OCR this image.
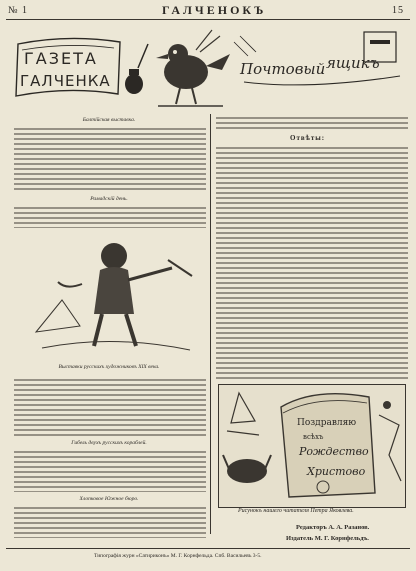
№ 1	ГАЛЧЕНОКЪ	15
ГАЗЕТА
ГАЛЧЕНКА
Почтовый ящикъ
Балтійская выставка.
Рамадскій день.
Выставки русскихъ художниковъ XIX века.
Гибель двухъ русскихъ кораблей.
Хлопковое Южное бюро.
Отвѣты:
Поздравляю
всѣхъ
Рождество
Христово
Рисунокъ нашего читателя Петра Яковлева.
Редакторъ А. А. Разанов.
Издатель М. Г. Корнфельдъ.
Типографія журн «Сатириконъ» М. Г. Корнфельда. Спб. Васильевъ 3-5.
